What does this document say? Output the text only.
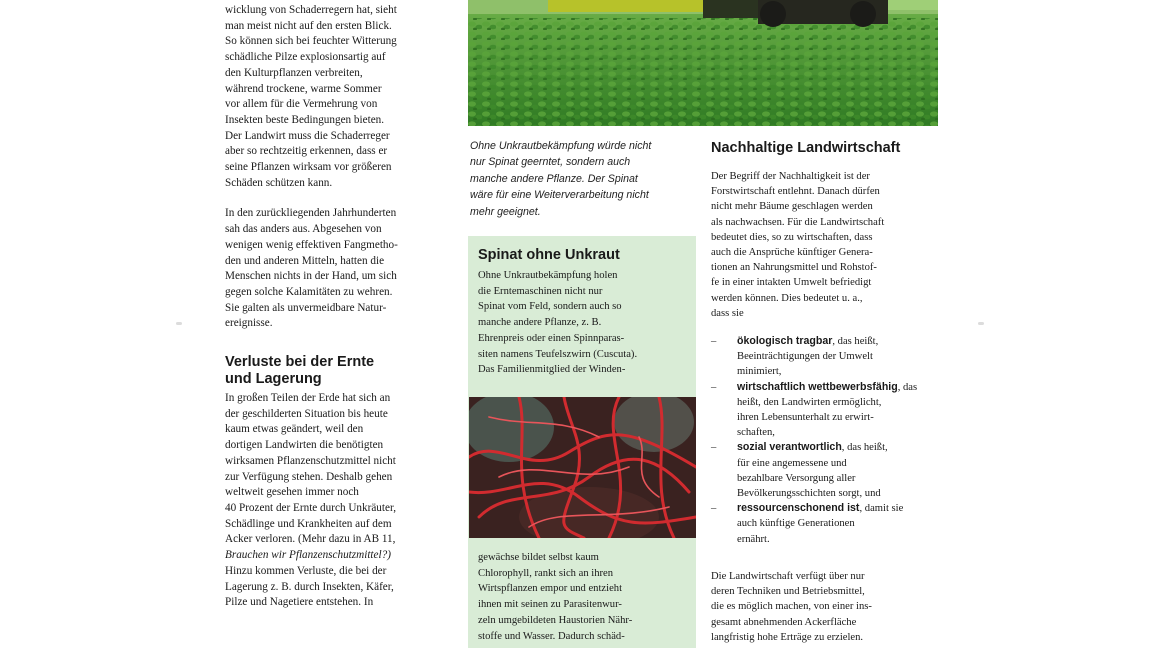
wicklung von Schaderregern hat, sieht

man meist nicht auf den ersten Blick.

So können sich bei feuchter Witterung

schädliche Pilze explosionsartig auf

den Kulturpflanzen verbreiten,

während trockene, warme Sommer

vor allem für die Vermehrung von

Insekten beste Bedingungen bieten.

Der Landwirt muss die Schaderreger

aber so rechtzeitig erkennen, dass er

seine Pflanzen wirksam vor größeren

Schäden schützen kann.

In den zurückliegenden Jahrhunderten

sah das anders aus. Abgesehen von

wenigen wenig effektiven Fangmetho-

den und anderen Mitteln, hatten die

Menschen nichts in der Hand, um sich

gegen solche Kalamitäten zu wehren.

Sie galten als unvermeidbare Natur-

ereignisse.

Verluste bei der Ernte
und Lagerung

In großen Teilen der Erde hat sich an

der geschilderten Situation bis heute

kaum etwas geändert, weil den

dortigen Landwirten die benötigten

wirksamen Pflanzenschutzmittel nicht

zur Verfügung stehen. Deshalb gehen

weltweit gesehen immer noch

40 Prozent der Ernte durch Unkräuter,

Schädlinge und Krankheiten auf dem

Acker verloren. (Mehr dazu in AB 11,

Brauchen wir Pflanzenschutzmittel?)

Hinzu kommen Verluste, die bei der

Lagerung z. B. durch Insekten, Käfer,

Pilze und Nagetiere entstehen. In

Ohne Unkrautbekämpfung würde nicht

nur Spinat geerntet, sondern auch

manche andere Pflanze. Der Spinat

wäre für eine Weiterverarbeitung nicht

mehr geeignet.

Spinat ohne Unkraut

Ohne Unkrautbekämpfung holen

die Erntemaschinen nicht nur

Spinat vom Feld, sondern auch so

manche andere Pflanze, z. B.

Ehrenpreis oder einen Spinnparas-

siten namens Teufelszwirn (Cuscuta).

Das Familienmitglied der Winden-

gewächse bildet selbst kaum

Chlorophyll, rankt sich an ihren

Wirtspflanzen empor und entzieht

ihnen mit seinen zu Parasitenwur-

zeln umgebildeten Haustorien Nähr-

stoffe und Wasser. Dadurch schäd-

Nachhaltige Landwirtschaft

Der Begriff der Nachhaltigkeit ist der

Forstwirtschaft entlehnt. Danach dürfen

nicht mehr Bäume geschlagen werden

als nachwachsen. Für die Landwirtschaft

bedeutet dies, so zu wirtschaften, dass

auch die Ansprüche künftiger Genera-

tionen an Nahrungsmittel und Rohstof-

fe in einer intakten Umwelt befriedigt

werden können. Dies bedeutet u. a.,

dass sie

– ökologisch tragbar, das heißt,

Beeinträchtigungen der Umwelt

minimiert,

– wirtschaftlich wettbewerbsfähig, das

heißt, den Landwirten ermöglicht,

ihren Lebensunterhalt zu erwirt-

schaften,

– sozial verantwortlich, das heißt,

für eine angemessene und

bezahlbare Versorgung aller

Bevölkerungsschichten sorgt, und

– ressourcenschonend ist, damit sie

auch künftige Generationen

ernährt.

Die Landwirtschaft verfügt über nur

deren Techniken und Betriebsmittel,

die es möglich machen, von einer ins-

gesamt abnehmenden Ackerfläche

langfristig hohe Erträge zu erzielen.
